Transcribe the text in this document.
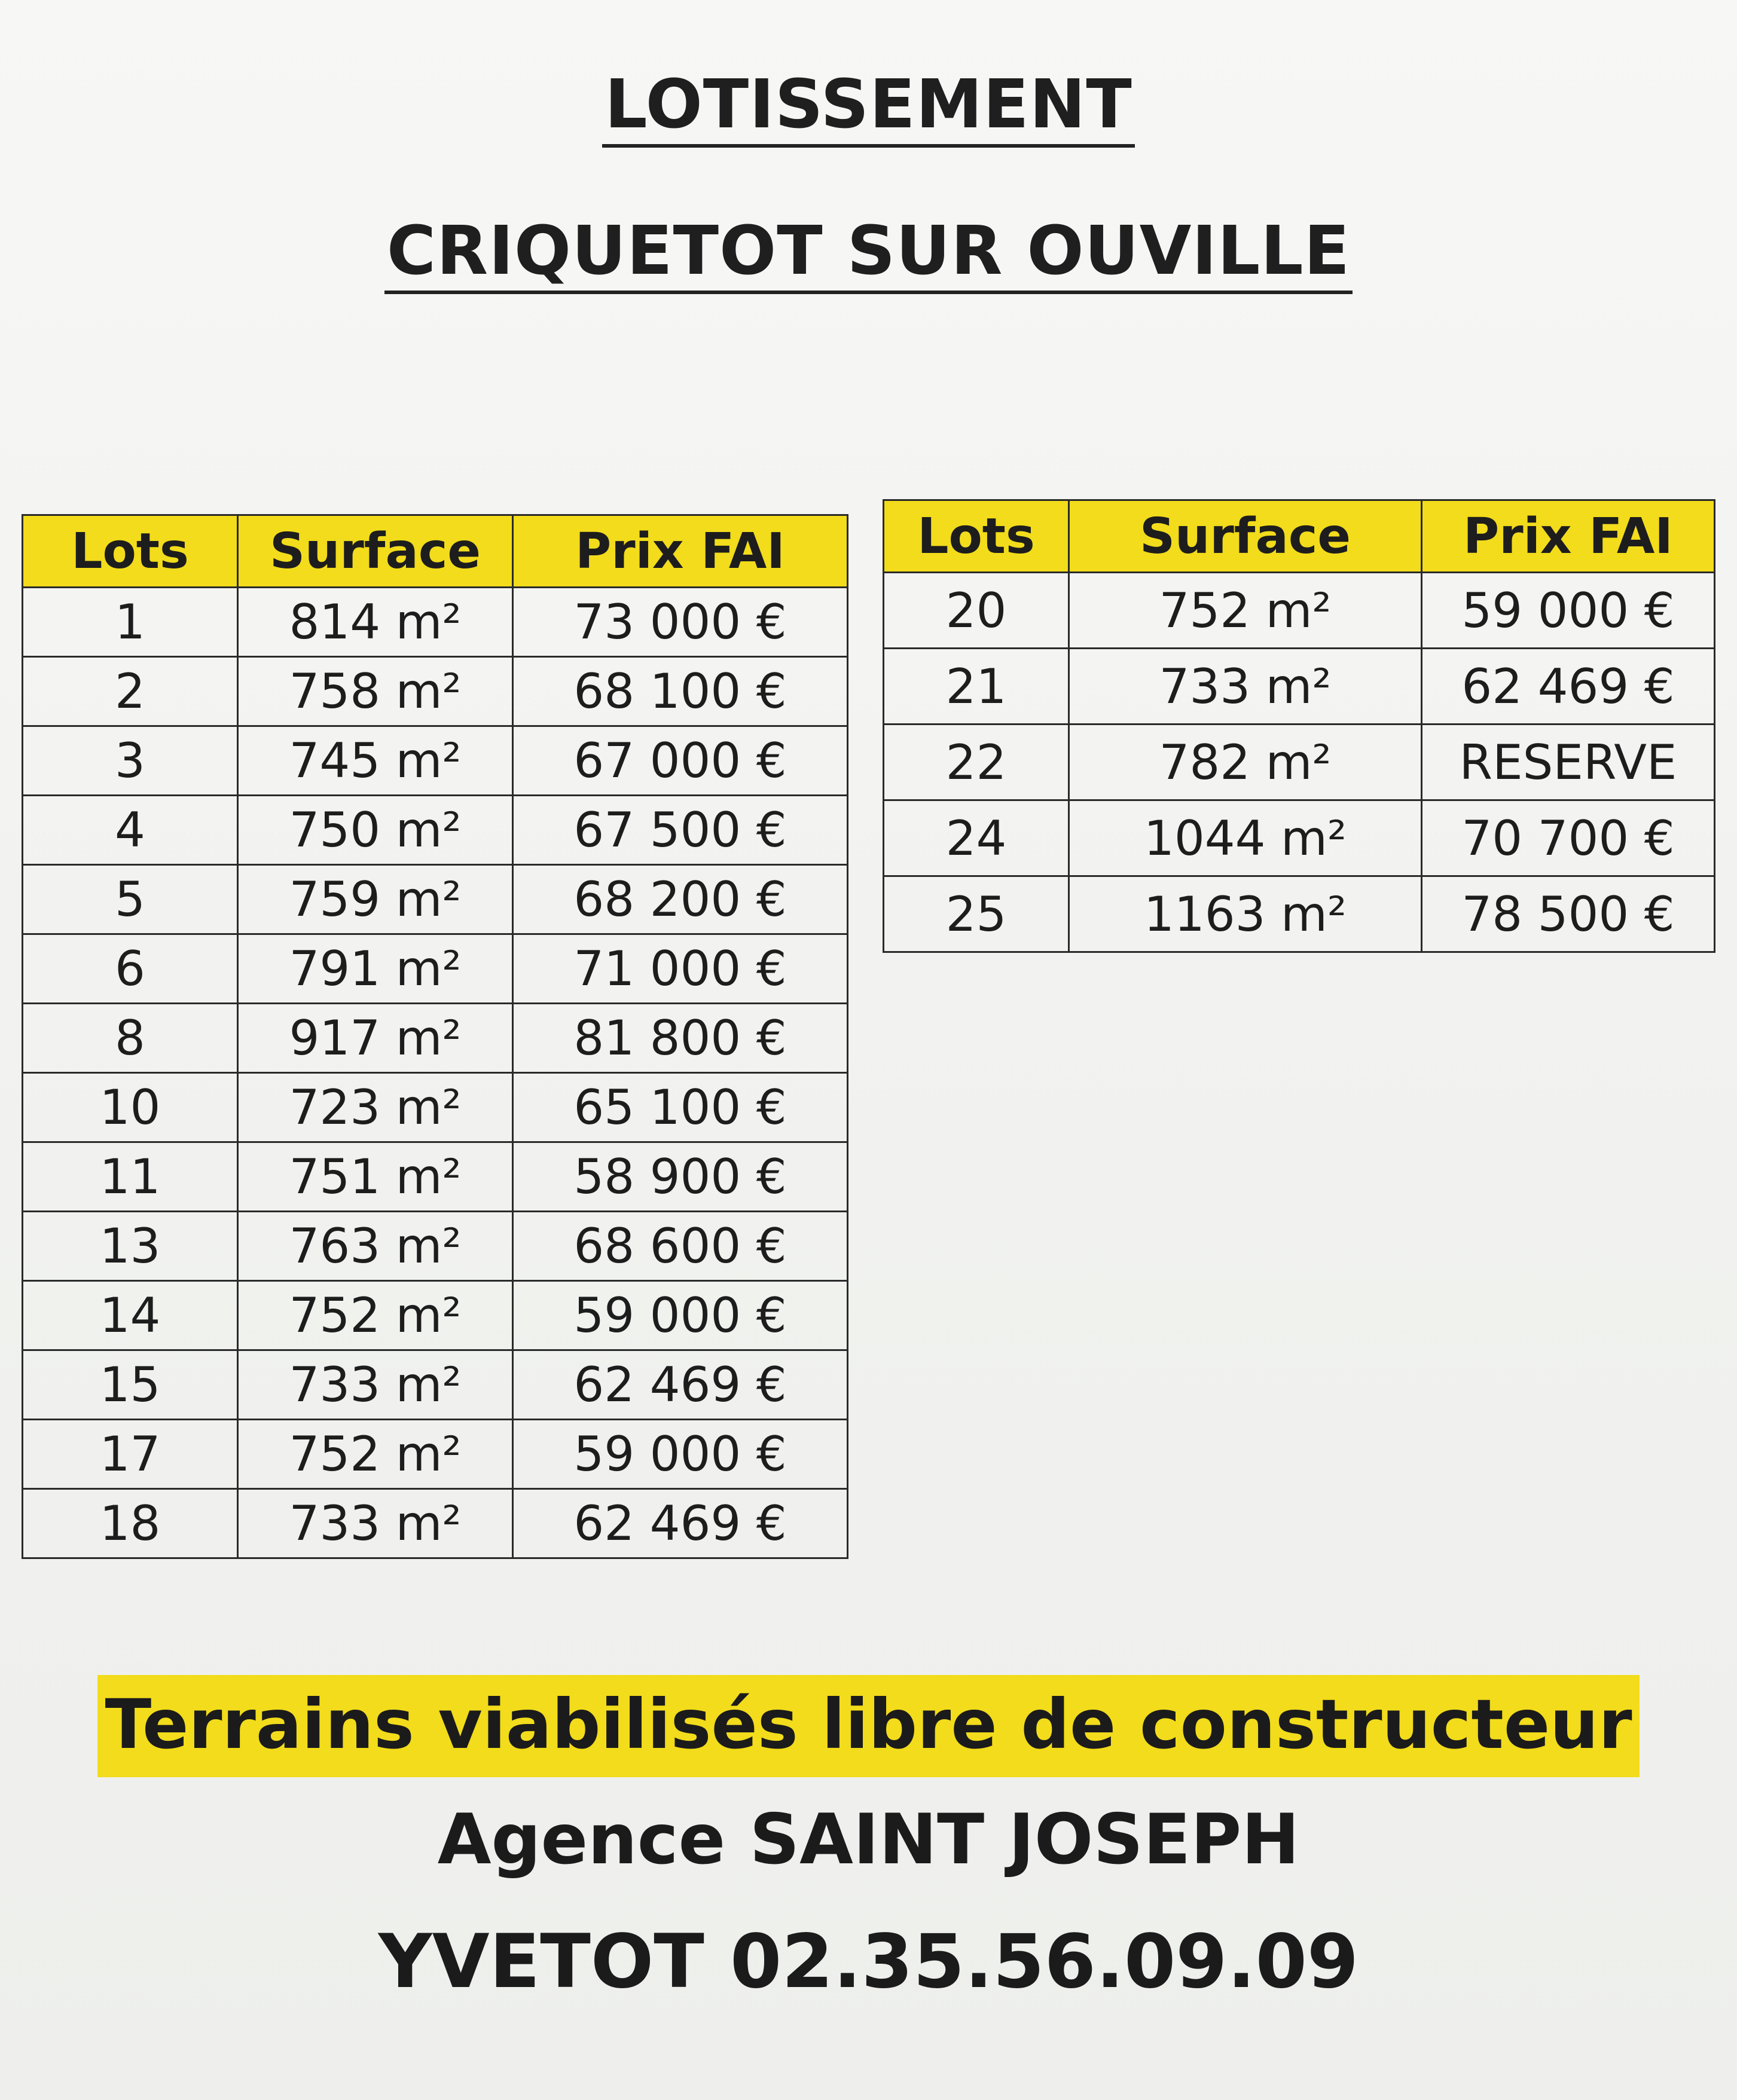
LOTISSEMENT
CRIQUETOT SUR OUVILLE
Lots	Surface	Prix FAI
1	814 m²	73 000 €
2	758 m²	68 100 €
3	745 m²	67 000 €
4	750 m²	67 500 €
5	759 m²	68 200 €
6	791 m²	71 000 €
8	917 m²	81 800 €
10	723 m²	65 100 €
11	751 m²	58 900 €
13	763 m²	68 600 €
14	752 m²	59 000 €
15	733 m²	62 469 €
17	752 m²	59 000 €
18	733 m²	62 469 €
Lots	Surface	Prix FAI
20	752 m²	59 000 €
21	733 m²	62 469 €
22	782 m²	RESERVE
24	1044 m²	70 700 €
25	1163 m²	78 500 €
Terrains viabilisés libre de constructeur
Agence SAINT JOSEPH
YVETOT 02.35.56.09.09
